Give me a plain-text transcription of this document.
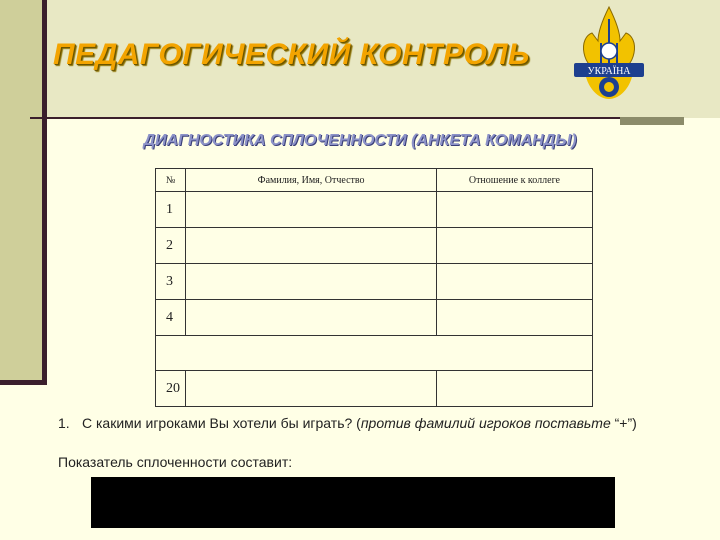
ПЕДАГОГИЧЕСКИЙ КОНТРОЛЬ
УКРАЇНА
ДИАГНОСТИКА СПЛОЧЕННОСТИ (АНКЕТА КОМАНДЫ)
№	Фамилия, Имя, Отчество	Отношение к коллеге
1		
2		
3		
4		

20		
1. С какими игроками Вы хотели бы играть? (против фамилий игроков поставьте “+”)
Показатель сплоченности составит:
